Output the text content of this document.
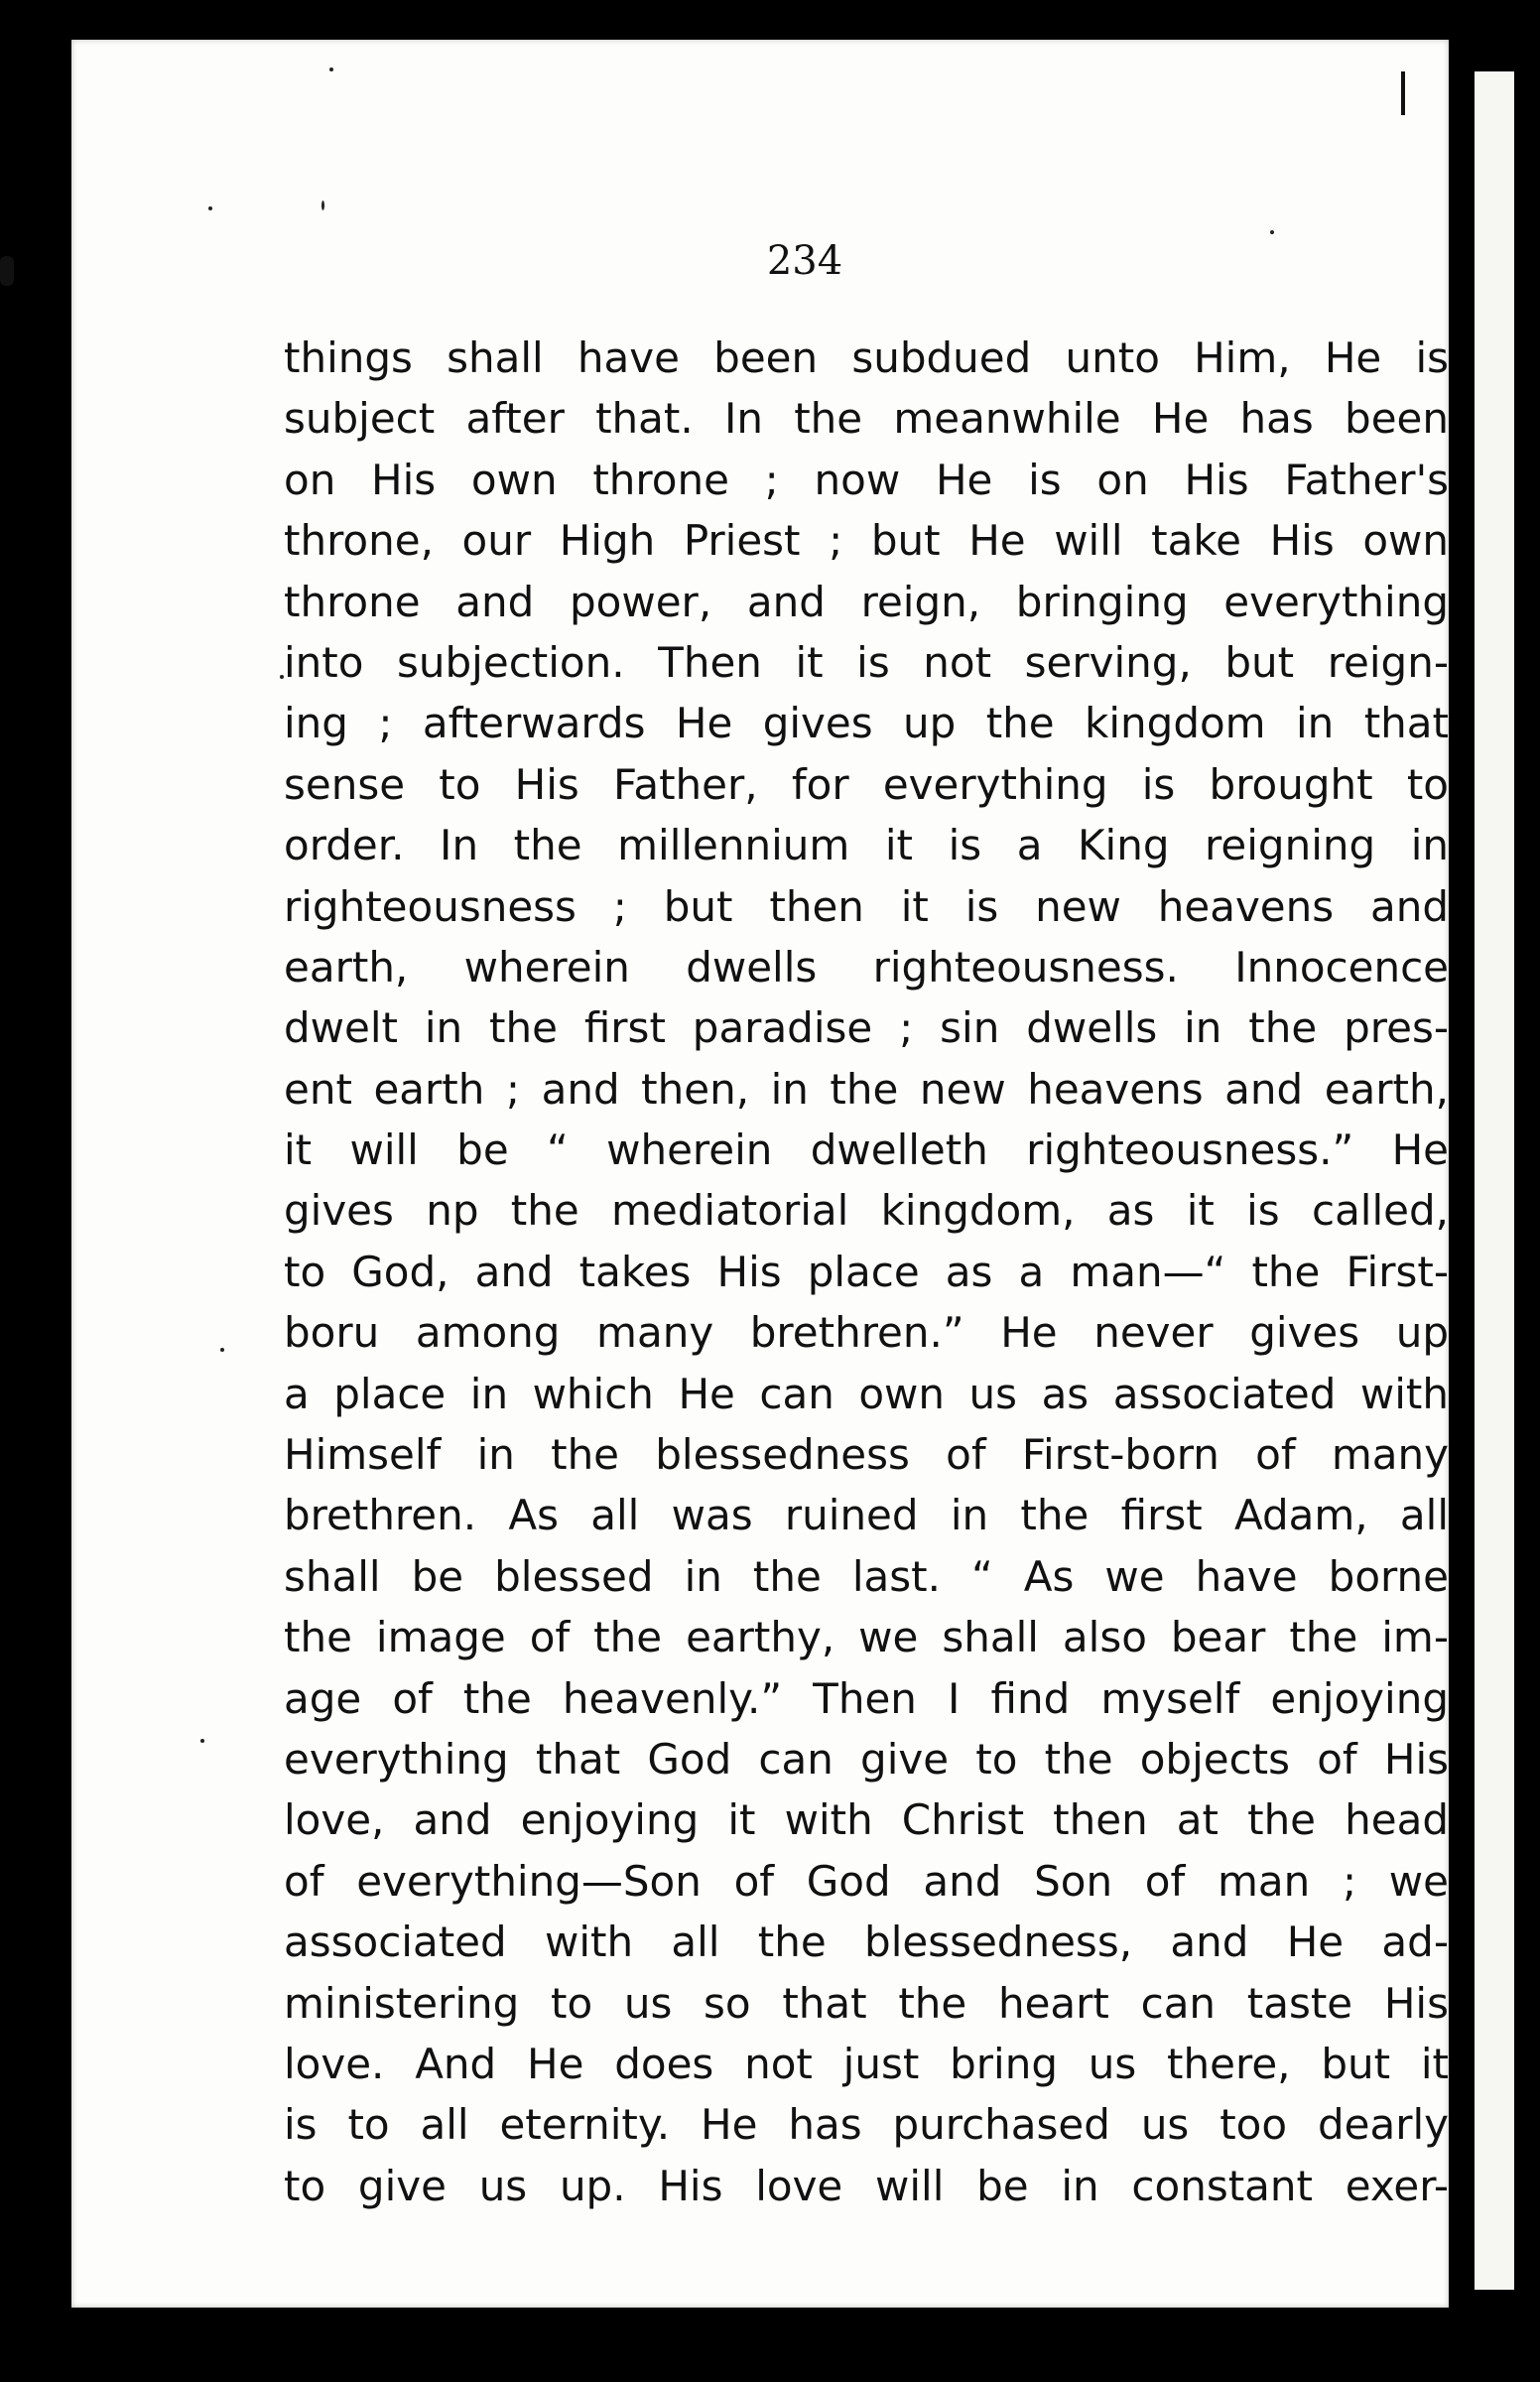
234
things shall have been subdued unto Him, He is
subject after that. In the meanwhile He has been
on His own throne ; now He is on His Father's
throne, our High Priest ; but He will take His own
throne and power, and reign, bringing everything
into subjection. Then it is not serving, but reign-
ing ; afterwards He gives up the kingdom in that
sense to His Father, for everything is brought to
order. In the millennium it is a King reigning in
righteousness ; but then it is new heavens and
earth, wherein dwells righteousness. Innocence
dwelt in the first paradise ; sin dwells in the pres-
ent earth ; and then, in the new heavens and earth,
it will be “ wherein dwelleth righteousness.” He
gives np the mediatorial kingdom, as it is called,
to God, and takes His place as a man—“ the First-
boru among many brethren.” He never gives up
a place in which He can own us as associated with
Himself in the blessedness of First-born of many
brethren. As all was ruined in the first Adam, all
shall be blessed in the last. “ As we have borne
the image of the earthy, we shall also bear the im-
age of the heavenly.” Then I find myself enjoying
everything that God can give to the objects of His
love, and enjoying it with Christ then at the head
of everything—Son of God and Son of man ; we
associated with all the blessedness, and He ad-
ministering to us so that the heart can taste His
love. And He does not just bring us there, but it
is to all eternity. He has purchased us too dearly
to give us up. His love will be in constant exer-
